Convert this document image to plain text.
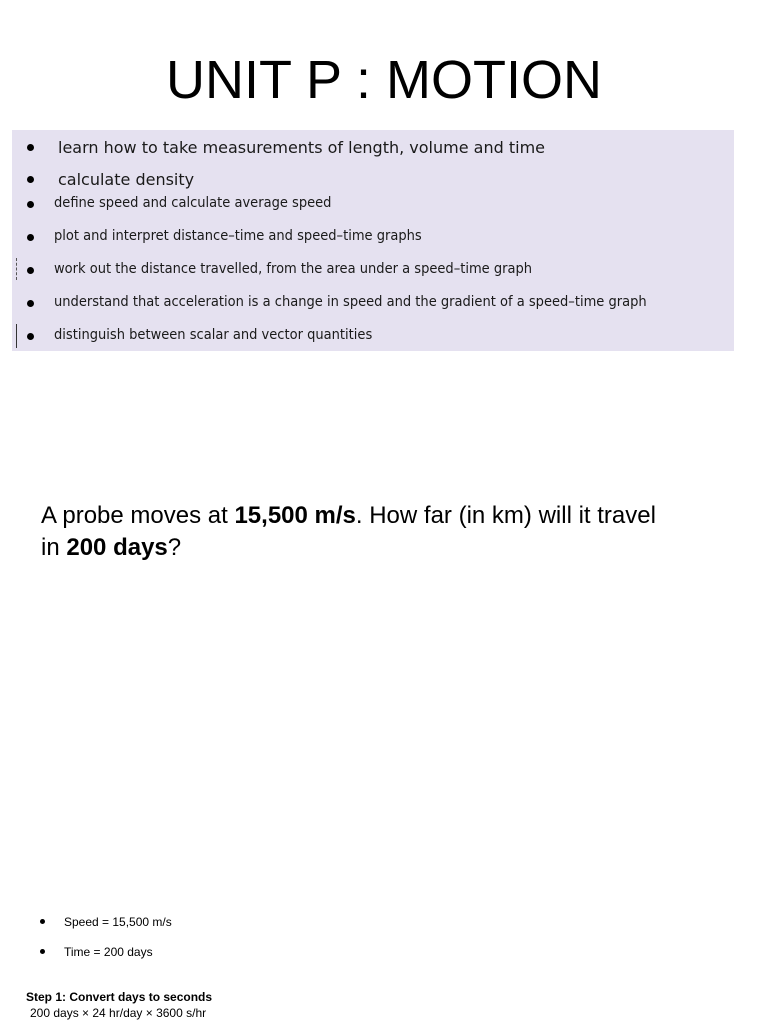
UNIT P : MOTION
learn how to take measurements of length, volume and time
calculate density
define speed and calculate average speed
plot and interpret distance–time and speed–time graphs
work out the distance travelled, from the area under a speed–time graph
understand that acceleration is a change in speed and the gradient of a speed–time graph
distinguish between scalar and vector quantities

A probe moves at 15,500 m/s. How far (in km) will it travel in 200 days?

Speed = 15,500 m/s
Time = 200 days
Step 1: Convert days to seconds
200 days × 24 hr/day × 3600 s/hr
